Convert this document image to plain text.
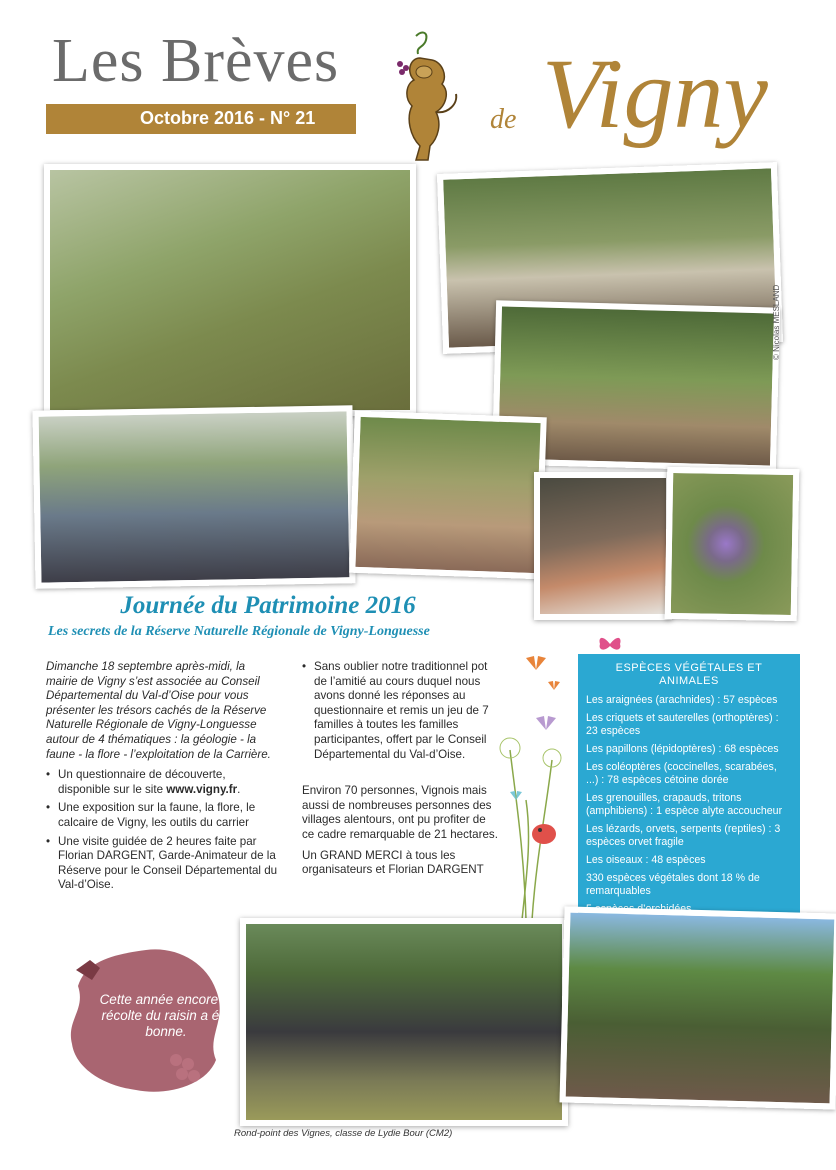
Les Brèves
Octobre 2016 - N° 21	de Vigny
© Nicolas MESLAND
Journée du Patrimoine 2016
Les secrets de la Réserve Naturelle Régionale de Vigny-Longuesse

Dimanche 18 septembre après-midi, la mairie de Vigny s’est associée au Conseil Départemental du Val-d’Oise pour vous présenter les trésors cachés de la Réserve Naturelle Régionale de Vigny-Longuesse autour de 4 thématiques : la géologie - la faune - la flore - l’exploitation de la Carrière.

• Un questionnaire de découverte, disponible sur le site www.vigny.fr.
• Une exposition sur la faune, la flore, le calcaire de Vigny, les outils du carrier
• Une visite guidée de 2 heures faite par Florian DARGENT, Garde-Animateur de la Réserve pour le Conseil Départemental du Val-d’Oise.
• Sans oublier notre traditionnel pot de l’amitié au cours duquel nous avons donné les réponses au questionnaire et remis un jeu de 7 familles à toutes les familles participantes, offert par le Conseil Départemental du Val-d’Oise.

Environ 70 personnes, Vignois mais aussi de nombreuses personnes des villages alentours, ont pu profiter de ce cadre remarquable de 21 hectares.

Un GRAND MERCI à tous les organisateurs et Florian DARGENT

ESPÈCES VÉGÉTALES ET ANIMALES
Les araignées (arachnides) : 57 espèces
Les criquets et sauterelles (orthoptères) : 23 espèces
Les papillons (lépidoptères) : 68 espèces
Les coléoptères (coccinelles, scarabées, ...) : 78 espèces cétoine dorée
Les grenouilles, crapauds, tritons (amphibiens) : 1 espèce alyte accoucheur
Les lézards, orvets, serpents (reptiles) : 3 espèces orvet fragile
Les oiseaux : 48 espèces
330 espèces végétales dont 18 % de remarquables
Cette année encore la récolte du raisin a été bonne.
Rond-point des Vignes, classe de Lydie Bour (CM2)
